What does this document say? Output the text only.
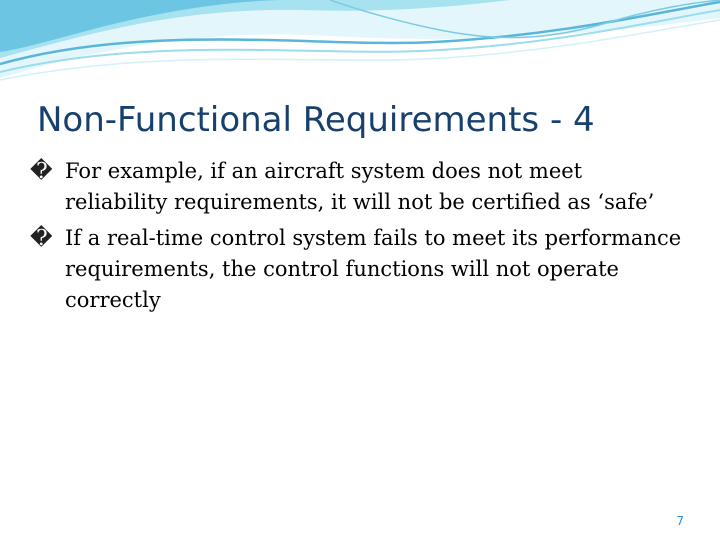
Non-Functional Requirements - 4
� For example, if an aircraft system does not meet reliability requirements, it will not be certified as ‘safe’
� If a real-time control system fails to meet its performance requirements, the control functions will not operate correctly
7
